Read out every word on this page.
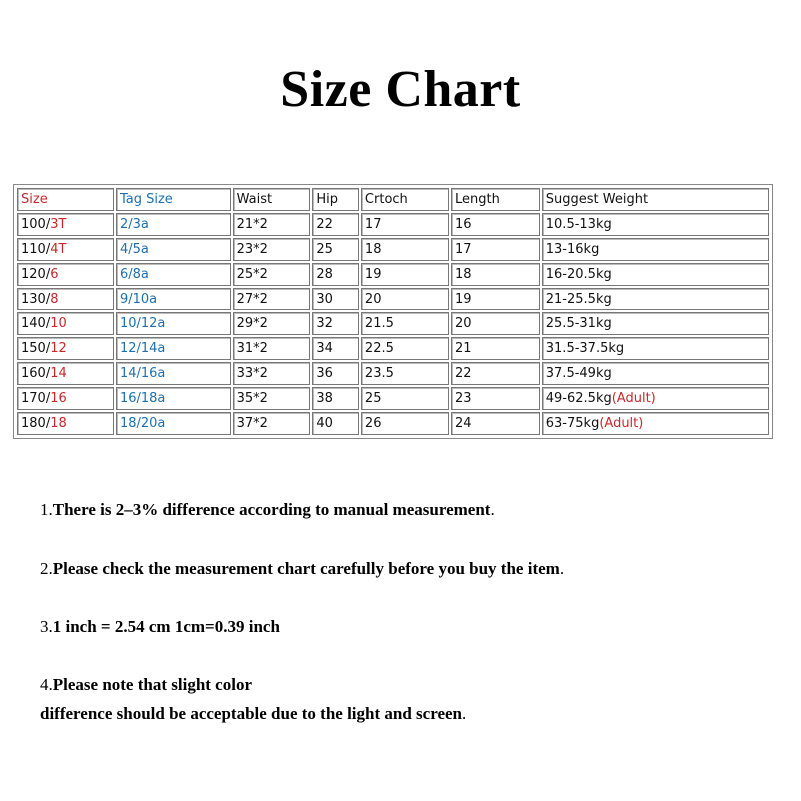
Size Chart
Size	Tag Size	Waist	Hip	Crtoch	Length	Suggest Weight
100/3T	2/3a	21*2	22	17	16	10.5-13kg
110/4T	4/5a	23*2	25	18	17	13-16kg
120/6	6/8a	25*2	28	19	18	16-20.5kg
130/8	9/10a	27*2	30	20	19	21-25.5kg
140/10	10/12a	29*2	32	21.5	20	25.5-31kg
150/12	12/14a	31*2	34	22.5	21	31.5-37.5kg
160/14	14/16a	33*2	36	23.5	22	37.5-49kg
170/16	16/18a	35*2	38	25	23	49-62.5kg(Adult)
180/18	18/20a	37*2	40	26	24	63-75kg(Adult)
1.There is 2–3% difference according to manual measurement.
2.Please check the measurement chart carefully before you buy the item.
3.1 inch = 2.54 cm 1cm=0.39 inch
4.Please note that slight color
difference should be acceptable due to the light and screen.
